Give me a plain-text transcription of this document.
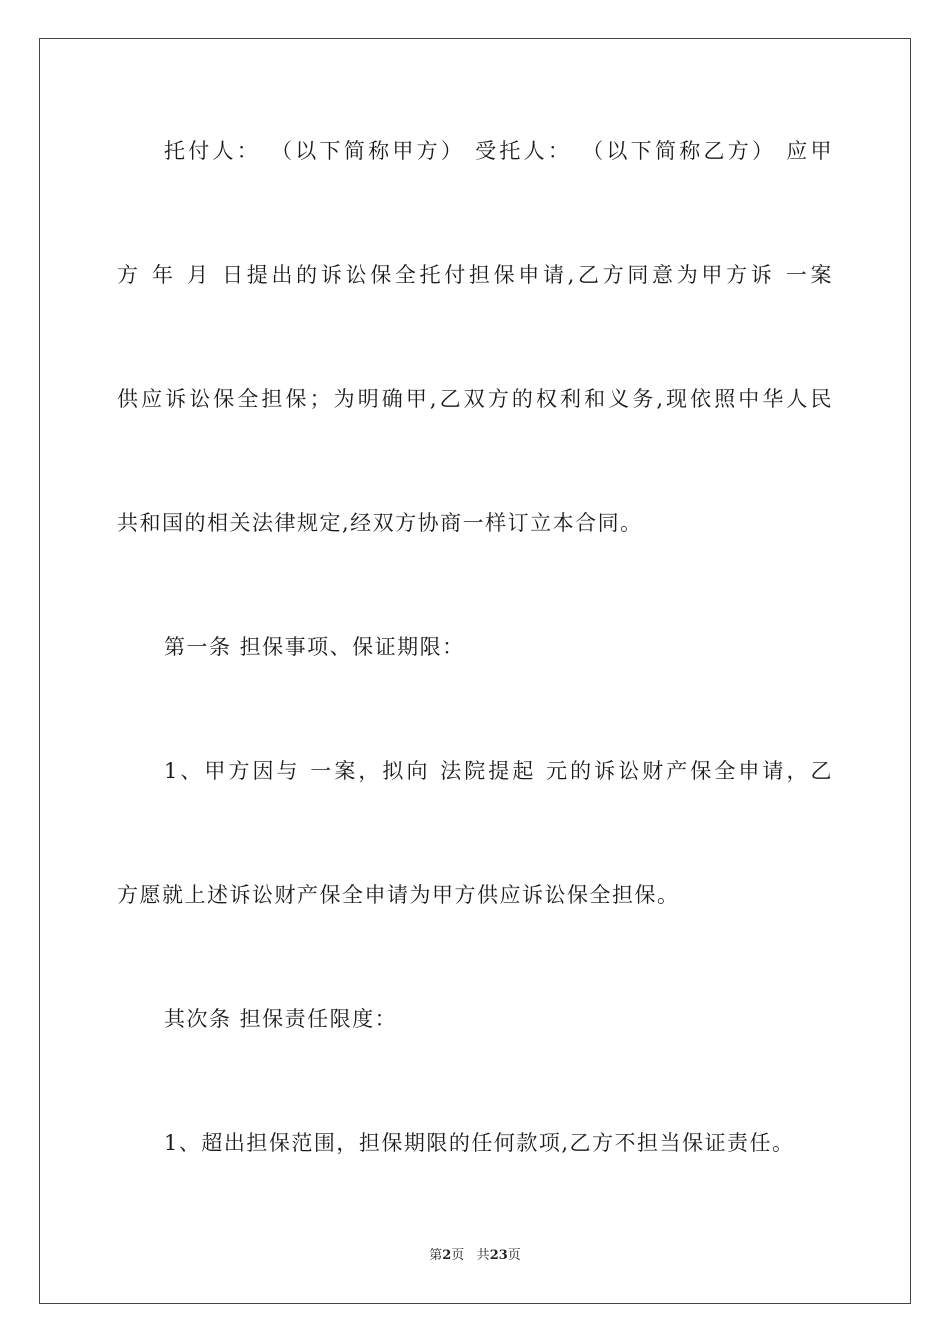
托付人： （以下简称甲方） 受托人： （以下简称乙方） 应甲
方 年 月 日提出的诉讼保全托付担保申请,乙方同意为甲方诉 一案
供应诉讼保全担保；为明确甲,乙双方的权利和义务,现依照中华人民
共和国的相关法律规定,经双方协商一样订立本合同。
第一条 担保事项、保证期限：
1、甲方因与 一案，拟向 法院提起 元的诉讼财产保全申请，乙
方愿就上述诉讼财产保全申请为甲方供应诉讼保全担保。
其次条 担保责任限度：
1、超出担保范围，担保期限的任何款项,乙方不担当保证责任。
第2页 共23页
